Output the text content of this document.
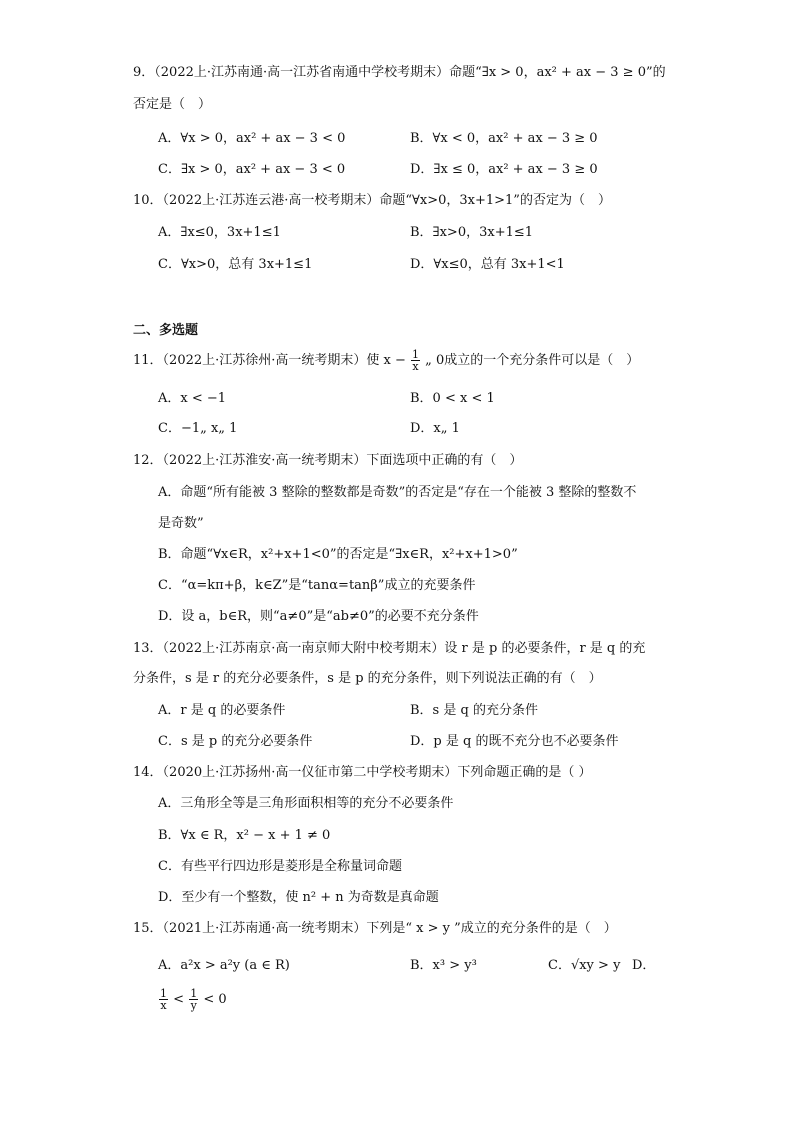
9．（2022上·江苏南通·高一江苏省南通中学校考期末）命题“∃x > 0，ax² + ax − 3 ≥ 0”的
否定是（　）
A．∀x > 0，ax² + ax − 3 < 0	B．∀x < 0，ax² + ax − 3 ≥ 0
C．∃x > 0，ax² + ax − 3 < 0	D．∃x ≤ 0，ax² + ax − 3 ≥ 0
10．（2022上·江苏连云港·高一校考期末）命题“∀x>0，3x+1>1”的否定为（　）
A．∃x≤0，3x+1≤1	B．∃x>0，3x+1≤1
C．∀x>0，总有 3x+1≤1	D．∀x≤0，总有 3x+1<1
二、多选题
11．（2022上·江苏徐州·高一统考期末）使 $x - \frac{1}{x}$ „ 0成立的一个充分条件可以是（　）
A．x < −1	B．0 < x < 1
C．−1„ x„ 1	D．x„ 1
12．（2022上·江苏淮安·高一统考期末）下面选项中正确的有（　）
A．命题“所有能被 3 整除的整数都是奇数”的否定是“存在一个能被 3 整除的整数不
是奇数”
B．命题“∀x∈R，x²+x+1<0”的否定是“∃x∈R，x²+x+1>0”
C．“α=kπ+β，k∈Z”是“tanα=tanβ”成立的充要条件
D．设 a，b∈R，则“a≠0”是“ab≠0”的必要不充分条件
13．（2022上·江苏南京·高一南京师大附中校考期末）设 r 是 p 的必要条件，r 是 q 的充
分条件，s 是 r 的充分必要条件，s 是 p 的充分条件，则下列说法正确的有（　）
A．r 是 q 的必要条件	B．s 是 q 的充分条件
C．s 是 p 的充分必要条件	D．p 是 q 的既不充分也不必要条件
14．（2020上·江苏扬州·高一仪征市第二中学校考期末）下列命题正确的是（ ）
A．三角形全等是三角形面积相等的充分不必要条件
B．∀x ∈ R，x² − x + 1 ≠ 0
C．有些平行四边形是菱形是全称量词命题
D．至少有一个整数，使 n² + n 为奇数是真命题
15．（2021上·江苏南通·高一统考期末）下列是“ x > y ”成立的充分条件的是（　）
A．a²x > a²y (a ∈ R)	B．x³ > y³	C．√xy > y D．
$\frac{1}{x} < \frac{1}{y} < 0$
